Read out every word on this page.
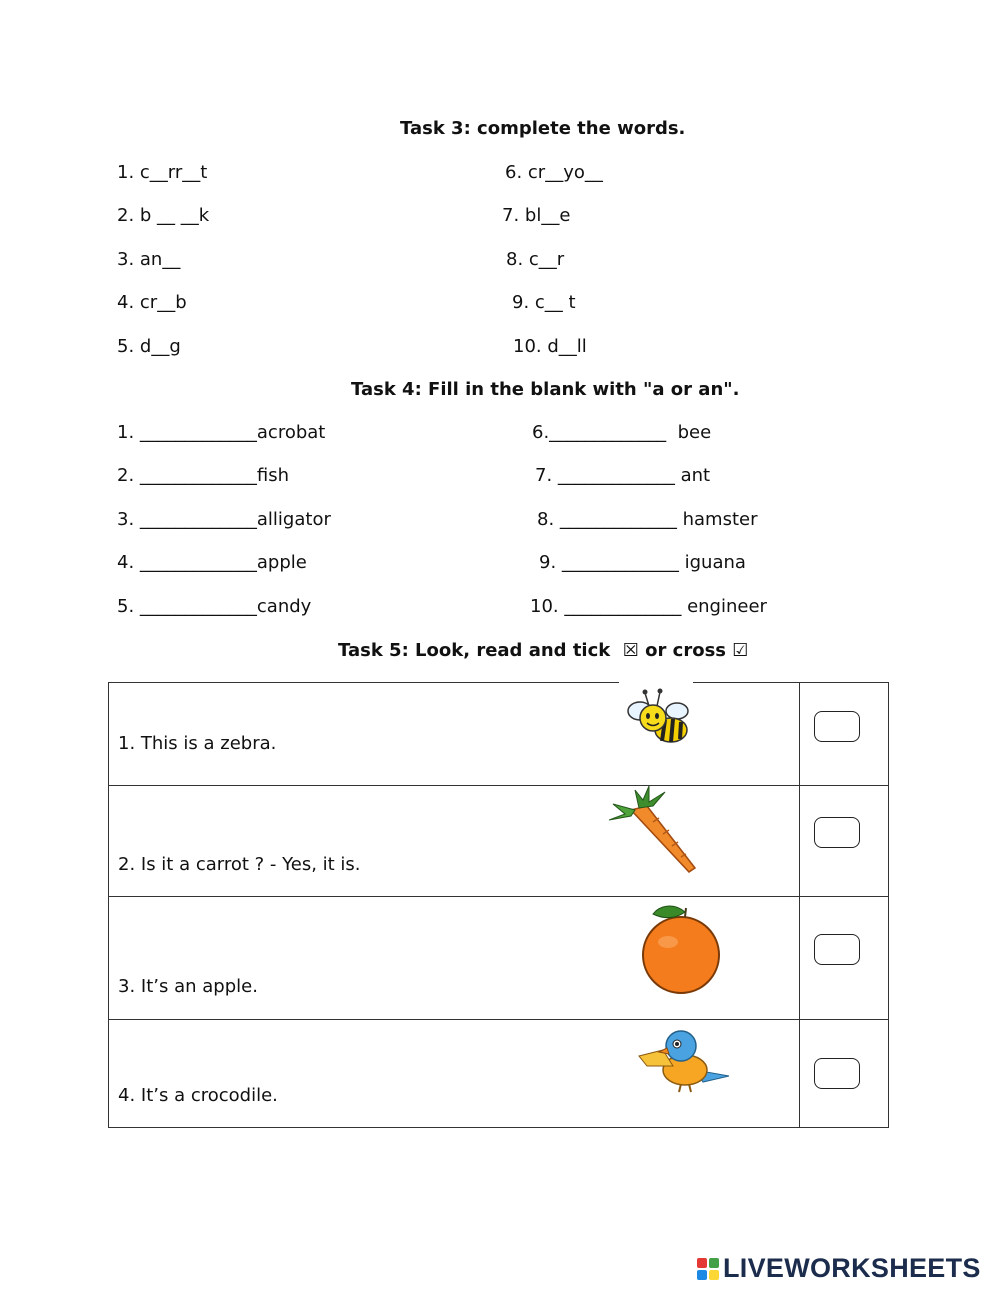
Task 3: complete the words.
1. c__rr__t
2. b __ __k
3. an__
4. cr__b
5. d__g
6. cr__yo__
7. bl__e
8. c__r
9. c__ t
10. d__ll
Task 4: Fill in the blank with "a or an".
1. _____________acrobat
2. _____________fish
3. _____________alligator
4. _____________apple
5. _____________candy
6._____________  bee
7. _____________ ant
8. _____________ hamster
9. _____________ iguana
10. _____________ engineer
Task 5: Look, read and tick  ☒ or cross ☑
1. This is a zebra.	

2. Is it a carrot ? - Yes, it is.	

3. It’s an apple.	

4. It’s a crocodile.	

LIVEWORKSHEETS
